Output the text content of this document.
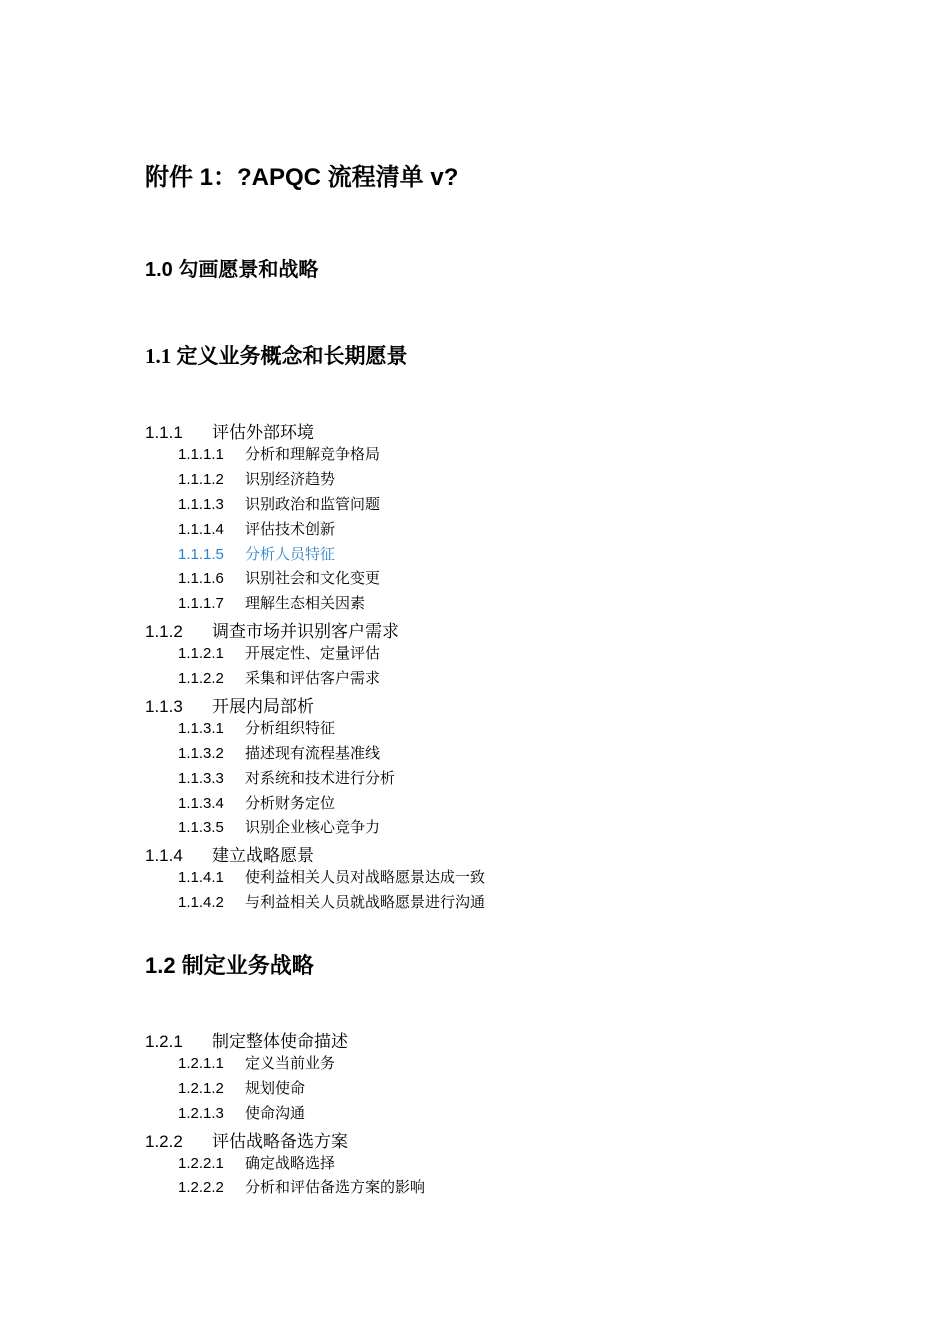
附件 1：?APQC 流程清单 v?
1.0 勾画愿景和战略
1.1 定义业务概念和长期愿景
1.1.1 评估外部环境
1.1.1.1 分析和理解竞争格局
1.1.1.2 识别经济趋势
1.1.1.3 识别政治和监管问题
1.1.1.4 评估技术创新
1.1.1.5 分析人员特征
1.1.1.6 识别社会和文化变更
1.1.1.7 理解生态相关因素
1.1.2 调查市场并识别客户需求
1.1.2.1 开展定性、定量评估
1.1.2.2 采集和评估客户需求
1.1.3 开展内局部析
1.1.3.1 分析组织特征
1.1.3.2 描述现有流程基准线
1.1.3.3 对系统和技术进行分析
1.1.3.4 分析财务定位
1.1.3.5 识别企业核心竞争力
1.1.4 建立战略愿景
1.1.4.1 使利益相关人员对战略愿景达成一致
1.1.4.2 与利益相关人员就战略愿景进行沟通
1.2 制定业务战略
1.2.1 制定整体使命描述
1.2.1.1 定义当前业务
1.2.1.2 规划使命
1.2.1.3 使命沟通
1.2.2 评估战略备选方案
1.2.2.1 确定战略选择
1.2.2.2 分析和评估备选方案的影响
